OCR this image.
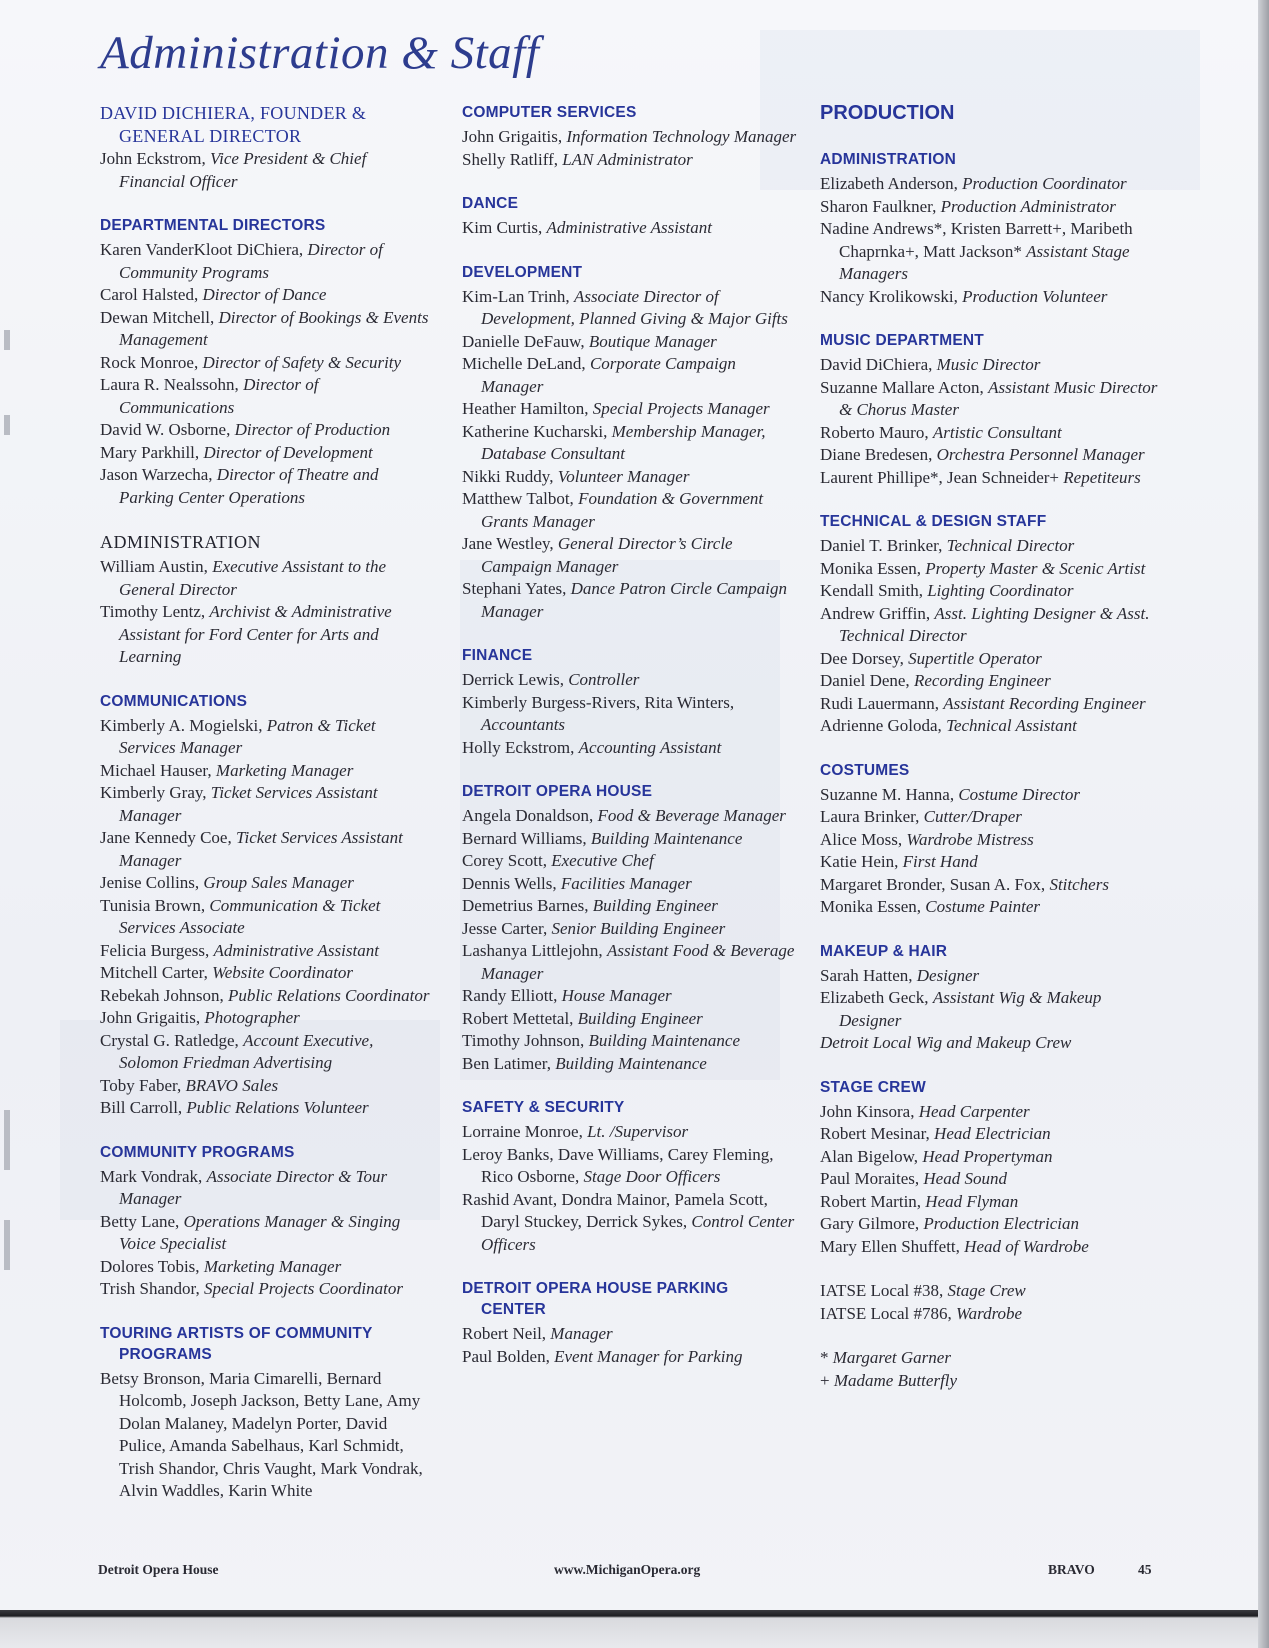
Administration & Staff
DAVID DICHIERA, FOUNDER & GENERAL DIRECTOR

John Eckstrom, Vice President & Chief Financial Officer

DEPARTMENTAL DIRECTORS

Karen VanderKloot DiChiera, Director of Community Programs

Carol Halsted, Director of Dance

Dewan Mitchell, Director of Bookings & Events Management

Rock Monroe, Director of Safety & Security

Laura R. Nealssohn, Director of Communications

David W. Osborne, Director of Production

Mary Parkhill, Director of Development

Jason Warzecha, Director of Theatre and Parking Center Operations

ADMINISTRATION

William Austin, Executive Assistant to the General Director

Timothy Lentz, Archivist & Administrative Assistant for Ford Center for Arts and Learning

COMMUNICATIONS

Kimberly A. Mogielski, Patron & Ticket Services Manager

Michael Hauser, Marketing Manager

Kimberly Gray, Ticket Services Assistant Manager

Jane Kennedy Coe, Ticket Services Assistant Manager

Jenise Collins, Group Sales Manager

Tunisia Brown, Communication & Ticket Services Associate

Felicia Burgess, Administrative Assistant

Mitchell Carter, Website Coordinator

Rebekah Johnson, Public Relations Coordinator

John Grigaitis, Photographer

Crystal G. Ratledge, Account Executive, Solomon Friedman Advertising

Toby Faber, BRAVO Sales

Bill Carroll, Public Relations Volunteer

COMMUNITY PROGRAMS

Mark Vondrak, Associate Director & Tour Manager

Betty Lane, Operations Manager & Singing Voice Specialist

Dolores Tobis, Marketing Manager

Trish Shandor, Special Projects Coordinator

TOURING ARTISTS OF COMMUNITY PROGRAMS

Betsy Bronson, Maria Cimarelli, Bernard Holcomb, Joseph Jackson, Betty Lane, Amy Dolan Malaney, Madelyn Porter, David Pulice, Amanda Sabelhaus, Karl Schmidt, Trish Shandor, Chris Vaught, Mark Vondrak, Alvin Waddles, Karin White

COMPUTER SERVICES

John Grigaitis, Information Technology Manager

Shelly Ratliff, LAN Administrator

DANCE

Kim Curtis, Administrative Assistant

DEVELOPMENT

Kim-Lan Trinh, Associate Director of Development, Planned Giving & Major Gifts

Danielle DeFauw, Boutique Manager

Michelle DeLand, Corporate Campaign Manager

Heather Hamilton, Special Projects Manager

Katherine Kucharski, Membership Manager, Database Consultant

Nikki Ruddy, Volunteer Manager

Matthew Talbot, Foundation & Government Grants Manager

Jane Westley, General Director’s Circle Campaign Manager

Stephani Yates, Dance Patron Circle Campaign Manager

FINANCE

Derrick Lewis, Controller

Kimberly Burgess-Rivers, Rita Winters, Accountants

Holly Eckstrom, Accounting Assistant

DETROIT OPERA HOUSE

Angela Donaldson, Food & Beverage Manager

Bernard Williams, Building Maintenance

Corey Scott, Executive Chef

Dennis Wells, Facilities Manager

Demetrius Barnes, Building Engineer

Jesse Carter, Senior Building Engineer

Lashanya Littlejohn, Assistant Food & Beverage Manager

Randy Elliott, House Manager

Robert Mettetal, Building Engineer

Timothy Johnson, Building Maintenance

Ben Latimer, Building Maintenance

SAFETY & SECURITY

Lorraine Monroe, Lt. /Supervisor

Leroy Banks, Dave Williams, Carey Fleming, Rico Osborne, Stage Door Officers

Rashid Avant, Dondra Mainor, Pamela Scott, Daryl Stuckey, Derrick Sykes, Control Center Officers

DETROIT OPERA HOUSE PARKING CENTER

Robert Neil, Manager

Paul Bolden, Event Manager for Parking

PRODUCTION
ADMINISTRATION

Elizabeth Anderson, Production Coordinator

Sharon Faulkner, Production Administrator

Nadine Andrews*, Kristen Barrett+, Maribeth Chaprnka+, Matt Jackson* Assistant Stage Managers

Nancy Krolikowski, Production Volunteer

MUSIC DEPARTMENT

David DiChiera, Music Director

Suzanne Mallare Acton, Assistant Music Director & Chorus Master

Roberto Mauro, Artistic Consultant

Diane Bredesen, Orchestra Personnel Manager

Laurent Phillipe*, Jean Schneider+ Repetiteurs

TECHNICAL & DESIGN STAFF

Daniel T. Brinker, Technical Director

Monika Essen, Property Master & Scenic Artist

Kendall Smith, Lighting Coordinator

Andrew Griffin, Asst. Lighting Designer & Asst. Technical Director

Dee Dorsey, Supertitle Operator

Daniel Dene, Recording Engineer

Rudi Lauermann, Assistant Recording Engineer

Adrienne Goloda, Technical Assistant

COSTUMES

Suzanne M. Hanna, Costume Director

Laura Brinker, Cutter/Draper

Alice Moss, Wardrobe Mistress

Katie Hein, First Hand

Margaret Bronder, Susan A. Fox, Stitchers

Monika Essen, Costume Painter

MAKEUP & HAIR

Sarah Hatten, Designer

Elizabeth Geck, Assistant Wig & Makeup Designer

Detroit Local Wig and Makeup Crew

STAGE CREW

John Kinsora, Head Carpenter

Robert Mesinar, Head Electrician

Alan Bigelow, Head Propertyman

Paul Moraites, Head Sound

Robert Martin, Head Flyman

Gary Gilmore, Production Electrician

Mary Ellen Shuffett, Head of Wardrobe

IATSE Local #38, Stage Crew

IATSE Local #786, Wardrobe

* Margaret Garner

+ Madame Butterfly

Detroit Opera House	www.MichiganOpera.org	BRAVO	45
